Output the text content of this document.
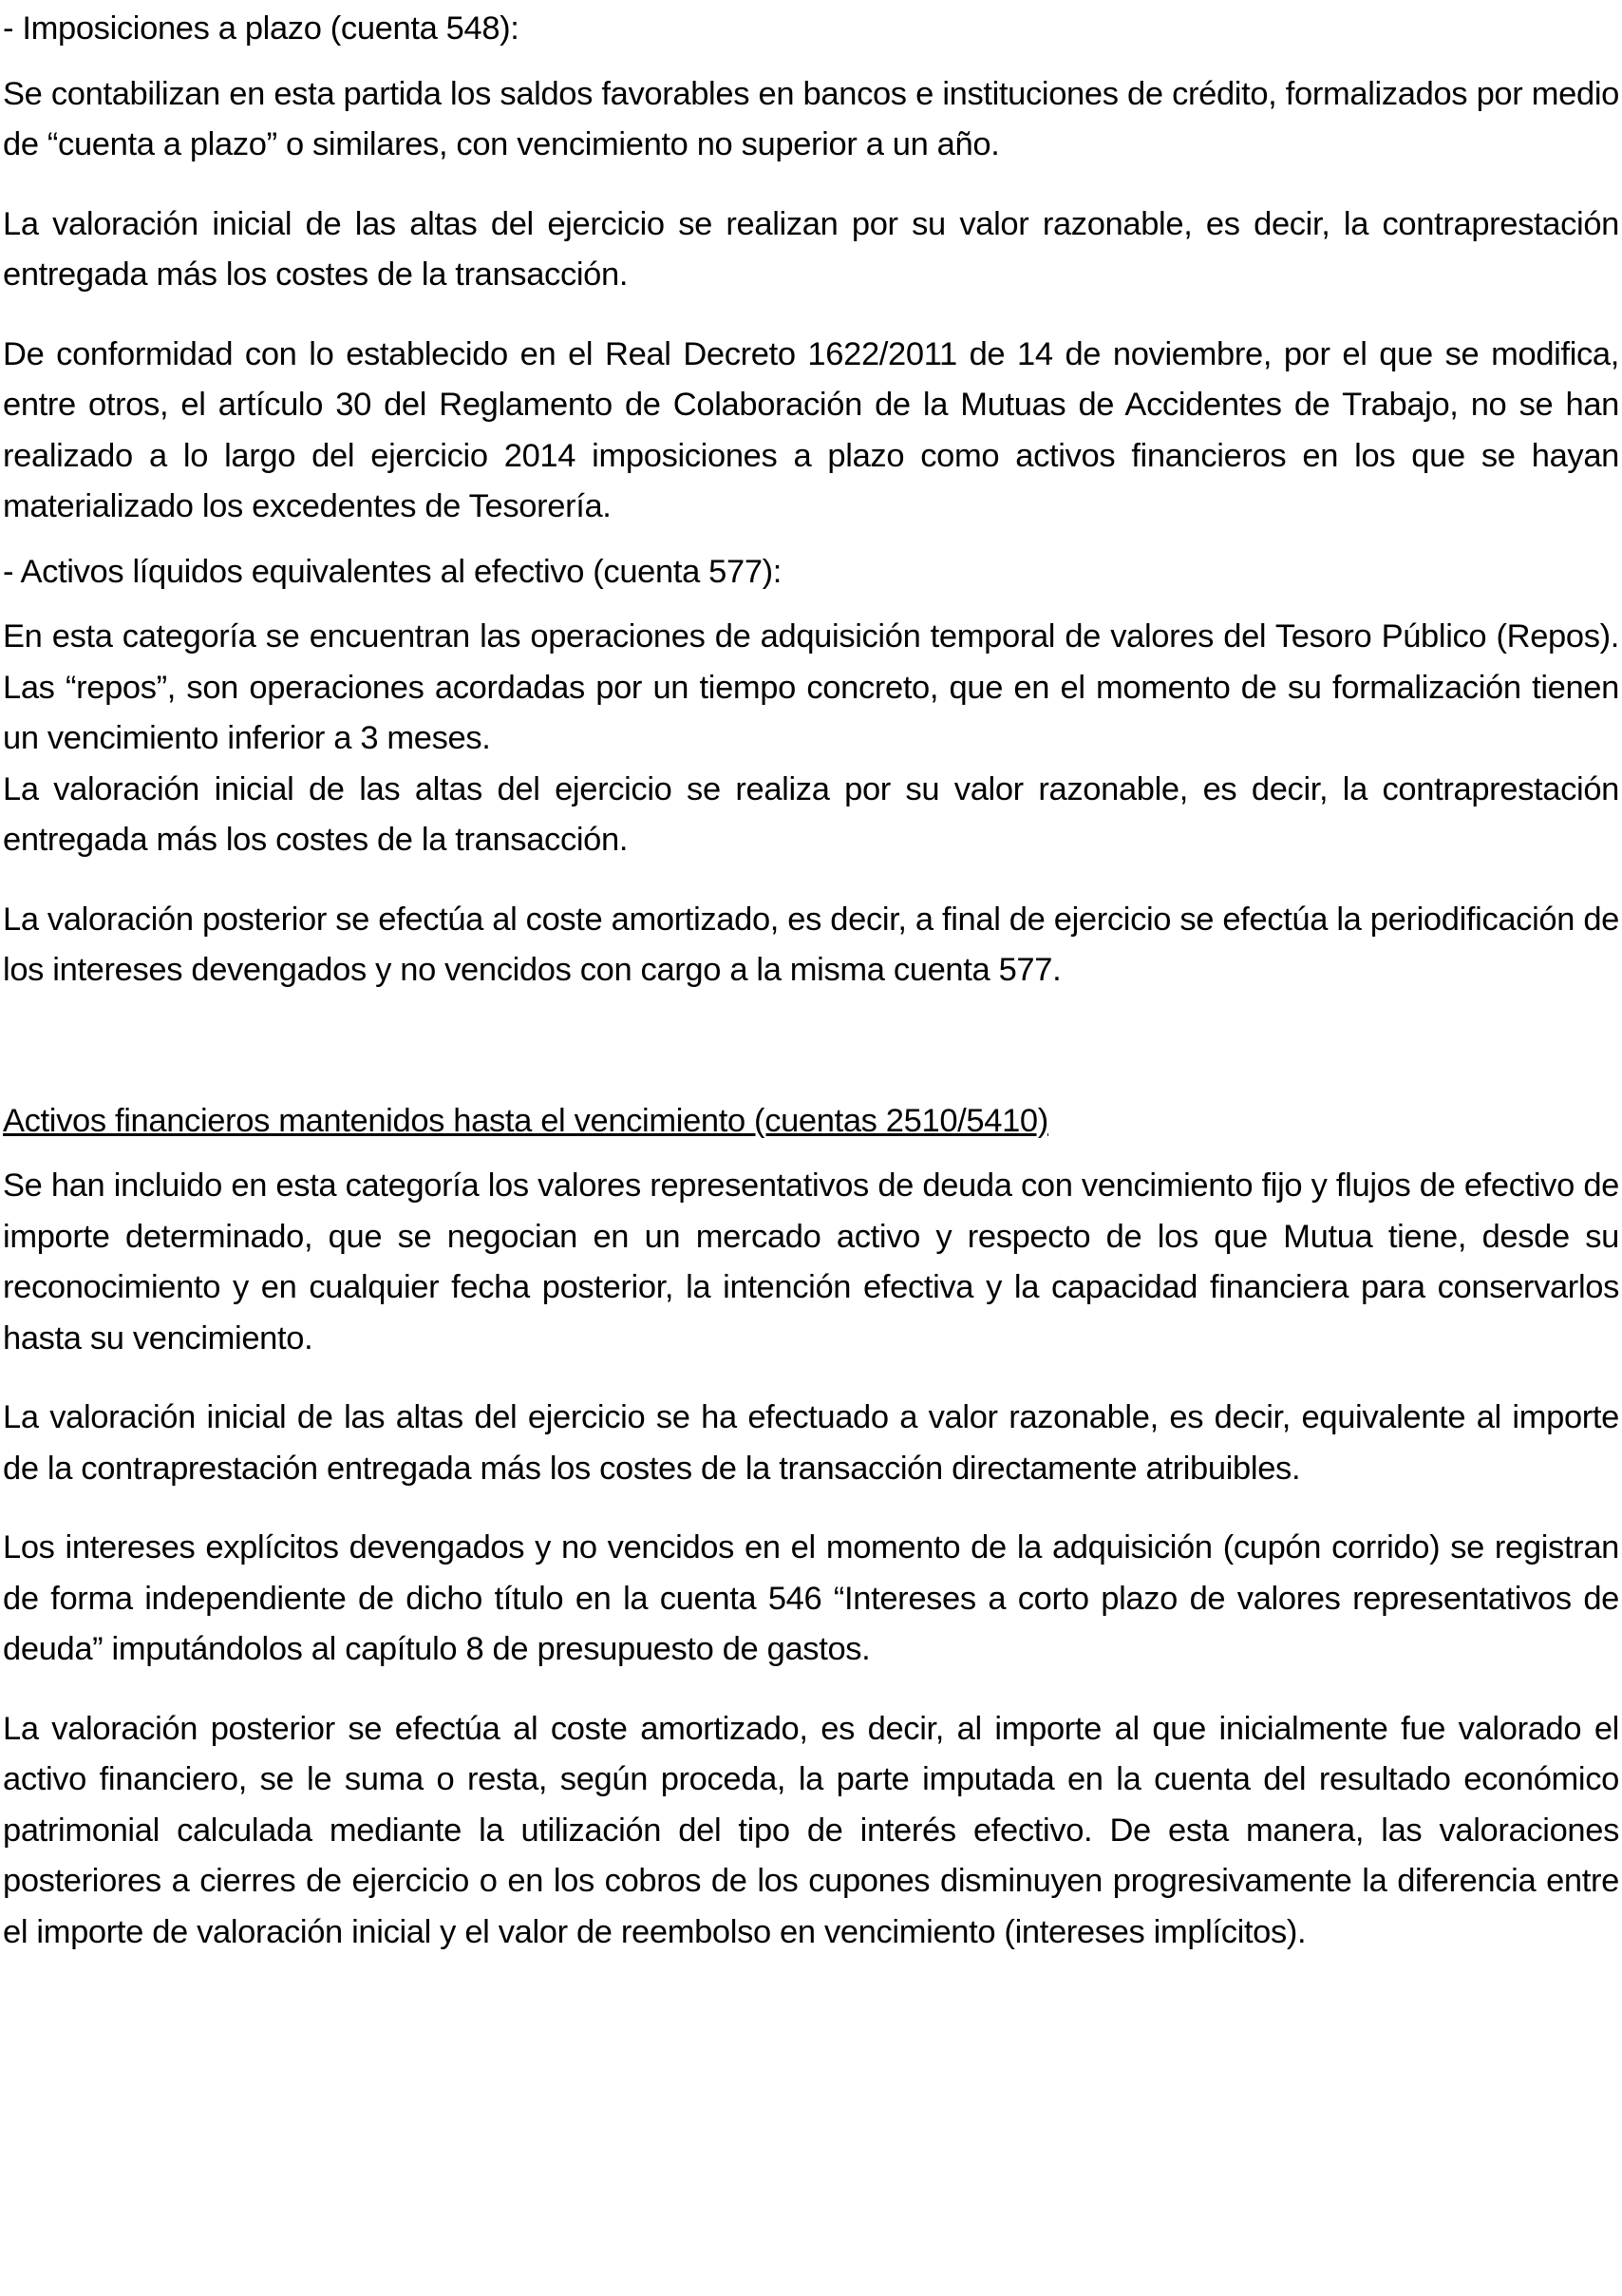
- Imposiciones a plazo (cuenta 548):

Se contabilizan en esta partida los saldos favorables en bancos e instituciones de crédito, formalizados por medio de “cuenta a plazo” o similares, con vencimiento no superior a un año.

La valoración inicial de las altas del ejercicio se realizan por su valor razonable, es decir, la contraprestación entregada más los costes de la transacción.

De conformidad con lo establecido en el Real Decreto 1622/2011 de 14 de noviembre, por el que se modifica, entre otros, el artículo 30 del Reglamento de Colaboración de la Mutuas de Accidentes de Trabajo, no se han realizado a lo largo del ejercicio 2014 imposiciones a plazo como activos financieros en los que se hayan materializado los excedentes de Tesorería.

- Activos líquidos equivalentes al efectivo (cuenta 577):

En esta categoría se encuentran las operaciones de adquisición temporal de valores del Tesoro Público (Repos). Las “repos”, son operaciones acordadas por un tiempo concreto, que en el momento de su formalización tienen un vencimiento inferior a 3 meses.

La valoración inicial de las altas del ejercicio se realiza por su valor razonable, es decir, la contraprestación entregada más los costes de la transacción.

La valoración posterior se efectúa al coste amortizado, es decir, a final de ejercicio se efectúa la periodificación de los intereses devengados y no vencidos con cargo a la misma cuenta 577.

Activos financieros mantenidos hasta el vencimiento (cuentas 2510/5410)

Se han incluido en esta categoría los valores representativos de deuda con vencimiento fijo y flujos de efectivo de importe determinado, que se negocian en un mercado activo y respecto de los que Mutua tiene, desde su reconocimiento y en cualquier fecha posterior, la intención efectiva y la capacidad financiera para conservarlos hasta su vencimiento.

La valoración inicial de las altas del ejercicio se ha efectuado a valor razonable, es decir, equivalente al importe de la contraprestación entregada más los costes de la transacción directamente atribuibles.

Los intereses explícitos devengados y no vencidos en el momento de la adquisición (cupón corrido) se registran de forma independiente de dicho título en la cuenta 546 “Intereses a corto plazo de valores representativos de deuda” imputándolos al capítulo 8 de presupuesto de gastos.

La valoración posterior se efectúa al coste amortizado, es decir, al importe al que inicialmente fue valorado el activo financiero, se le suma o resta, según proceda, la parte imputada en la cuenta del resultado económico patrimonial calculada mediante la utilización del tipo de interés efectivo. De esta manera, las valoraciones posteriores a cierres de ejercicio o en los cobros de los cupones disminuyen progresivamente la diferencia entre el importe de valoración inicial y el valor de reembolso en vencimiento (intereses implícitos).
